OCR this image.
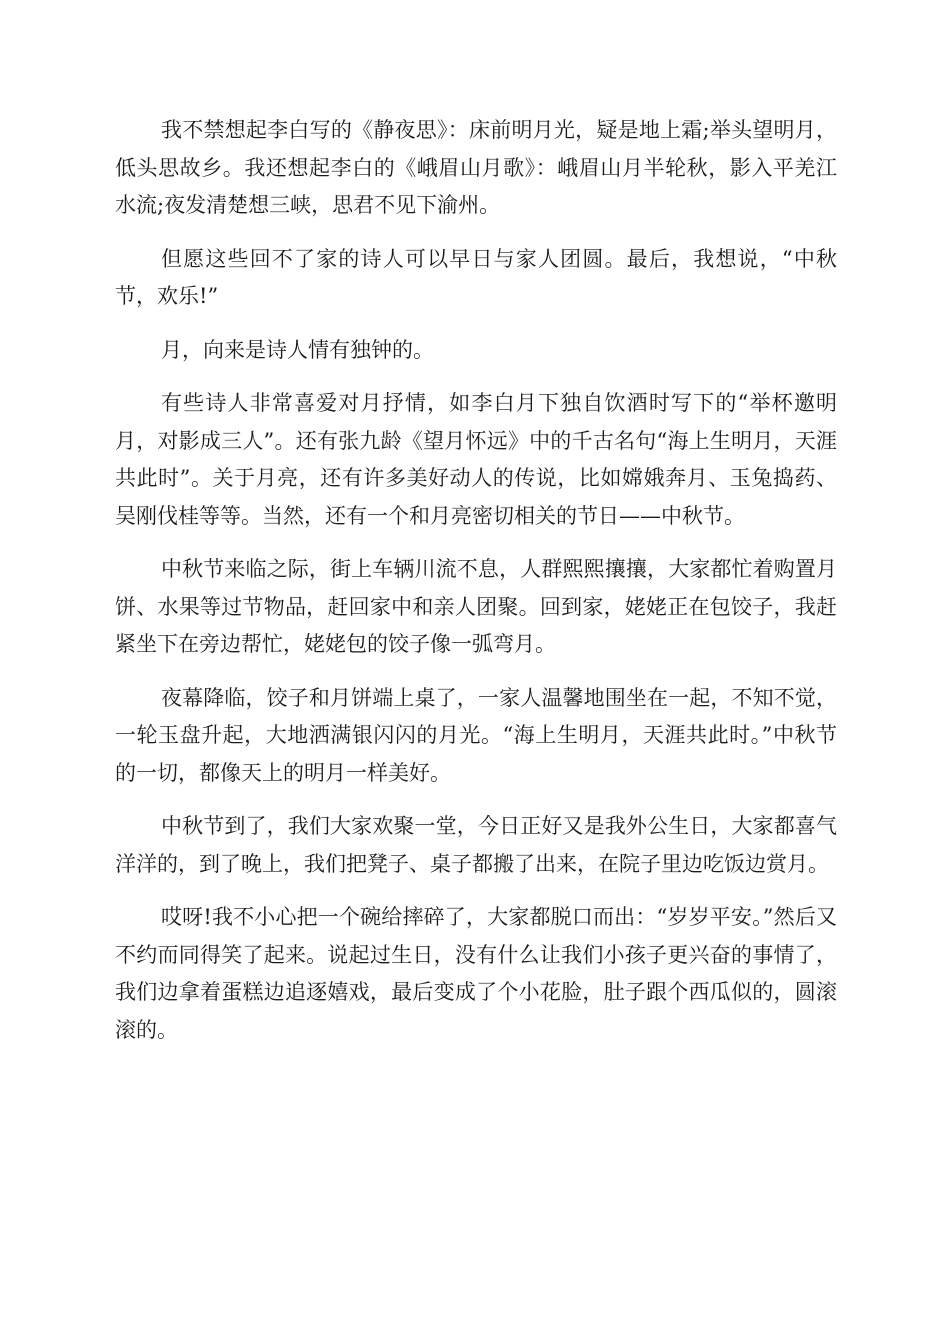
我不禁想起李白写的《静夜思》：床前明月光，疑是地上霜;举头望明月，低头思故乡。我还想起李白的《峨眉山月歌》：峨眉山月半轮秋，影入平羌江水流;夜发清楚想三峡，思君不见下渝州。

但愿这些回不了家的诗人可以早日与家人团圆。最后，我想说，“中秋节，欢乐!”

月，向来是诗人情有独钟的。

有些诗人非常喜爱对月抒情，如李白月下独自饮酒时写下的“举杯邀明月，对影成三人”。还有张九龄《望月怀远》中的千古名句“海上生明月，天涯共此时”。关于月亮，还有许多美好动人的传说，比如嫦娥奔月、玉兔捣药、吴刚伐桂等等。当然，还有一个和月亮密切相关的节日——中秋节。

中秋节来临之际，街上车辆川流不息，人群熙熙攘攘，大家都忙着购置月饼、水果等过节物品，赶回家中和亲人团聚。回到家，姥姥正在包饺子，我赶紧坐下在旁边帮忙，姥姥包的饺子像一弧弯月。

夜幕降临，饺子和月饼端上桌了，一家人温馨地围坐在一起，不知不觉，一轮玉盘升起，大地洒满银闪闪的月光。“海上生明月，天涯共此时。”中秋节的一切，都像天上的明月一样美好。

中秋节到了，我们大家欢聚一堂，今日正好又是我外公生日，大家都喜气洋洋的，到了晚上，我们把凳子、桌子都搬了出来，在院子里边吃饭边赏月。

哎呀!我不小心把一个碗给摔碎了，大家都脱口而出：“岁岁平安。”然后又不约而同得笑了起来。说起过生日，没有什么让我们小孩子更兴奋的事情了，我们边拿着蛋糕边追逐嬉戏，最后变成了个小花脸，肚子跟个西瓜似的，圆滚滚的。
